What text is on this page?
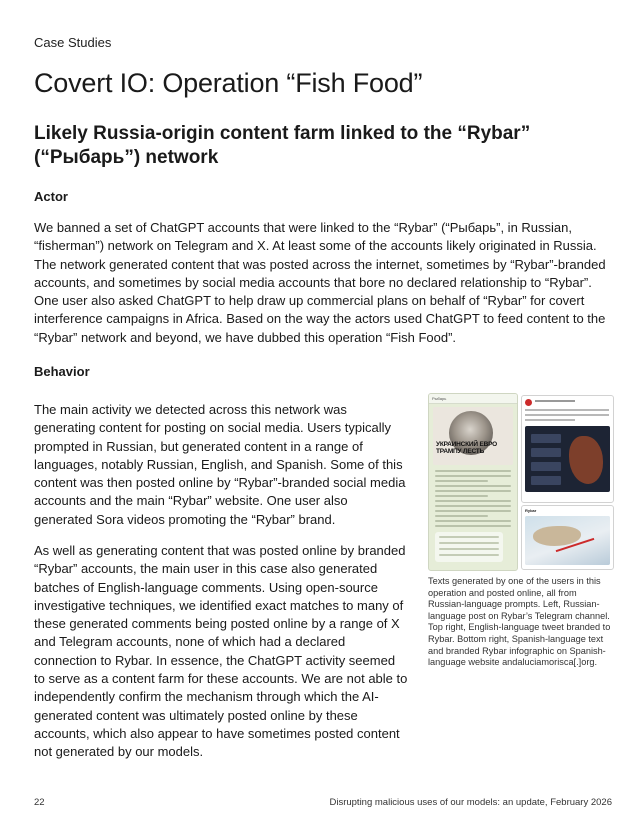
Case Studies
Covert IO: Operation “Fish Food”
Likely Russia-origin content farm linked to the “Rybar” (“Рыбарь”) network
Actor

We banned a set of ChatGPT accounts that were linked to the “Rybar” (“Рыбарь”, in Russian, “fisherman”) network on Telegram and X. At least some of the accounts likely originated in Russia. The network generated content that was posted across the internet, sometimes by “Rybar”-branded accounts, and sometimes by social media accounts that bore no declared relationship to “Rybar”. One user also asked ChatGPT to help draw up commercial plans on behalf of “Rybar” for covert interference campaigns in Africa. Based on the way the actors used ChatGPT to feed content to the “Rybar” network and beyond, we have dubbed this operation “Fish Food”.

Behavior

The main activity we detected across this network was generating content for posting on social media. Users typically prompted in Russian, but generated content in a range of languages, notably Russian, English, and Spanish. Some of this content was then posted online by “Rybar”-branded social media accounts and the main “Rybar” website. One user also generated Sora videos promoting the “Rybar” brand.

As well as generating content that was posted online by branded “Rybar” accounts, the main user in this case also generated batches of English-language comments. Using open-source investigative techniques, we identified exact matches to many of these generated comments being posted online by a range of X and Telegram accounts, none of which had a declared connection to Rybar. In essence, the ChatGPT activity seemed to serve as a content farm for these accounts. We are not able to independently confirm the mechanism through which the AI-generated content was ultimately posted online by these accounts, which also appear to have sometimes posted content not generated by our models.

Рыбарь
УКРАИНСКИЙ ЕВРО ТРАМПУ ЛЕСТЬ
Rybar

Texts generated by one of the users in this operation and posted online, all from Russian-language prompts. Left, Russian-language post on Rybar’s Telegram channel. Top right, English-language tweet branded to Rybar. Bottom right, Spanish-language text and branded Rybar infographic on Spanish-language website andaluciamorisca[.]org.

22	Disrupting malicious uses of our models: an update, February 2026
